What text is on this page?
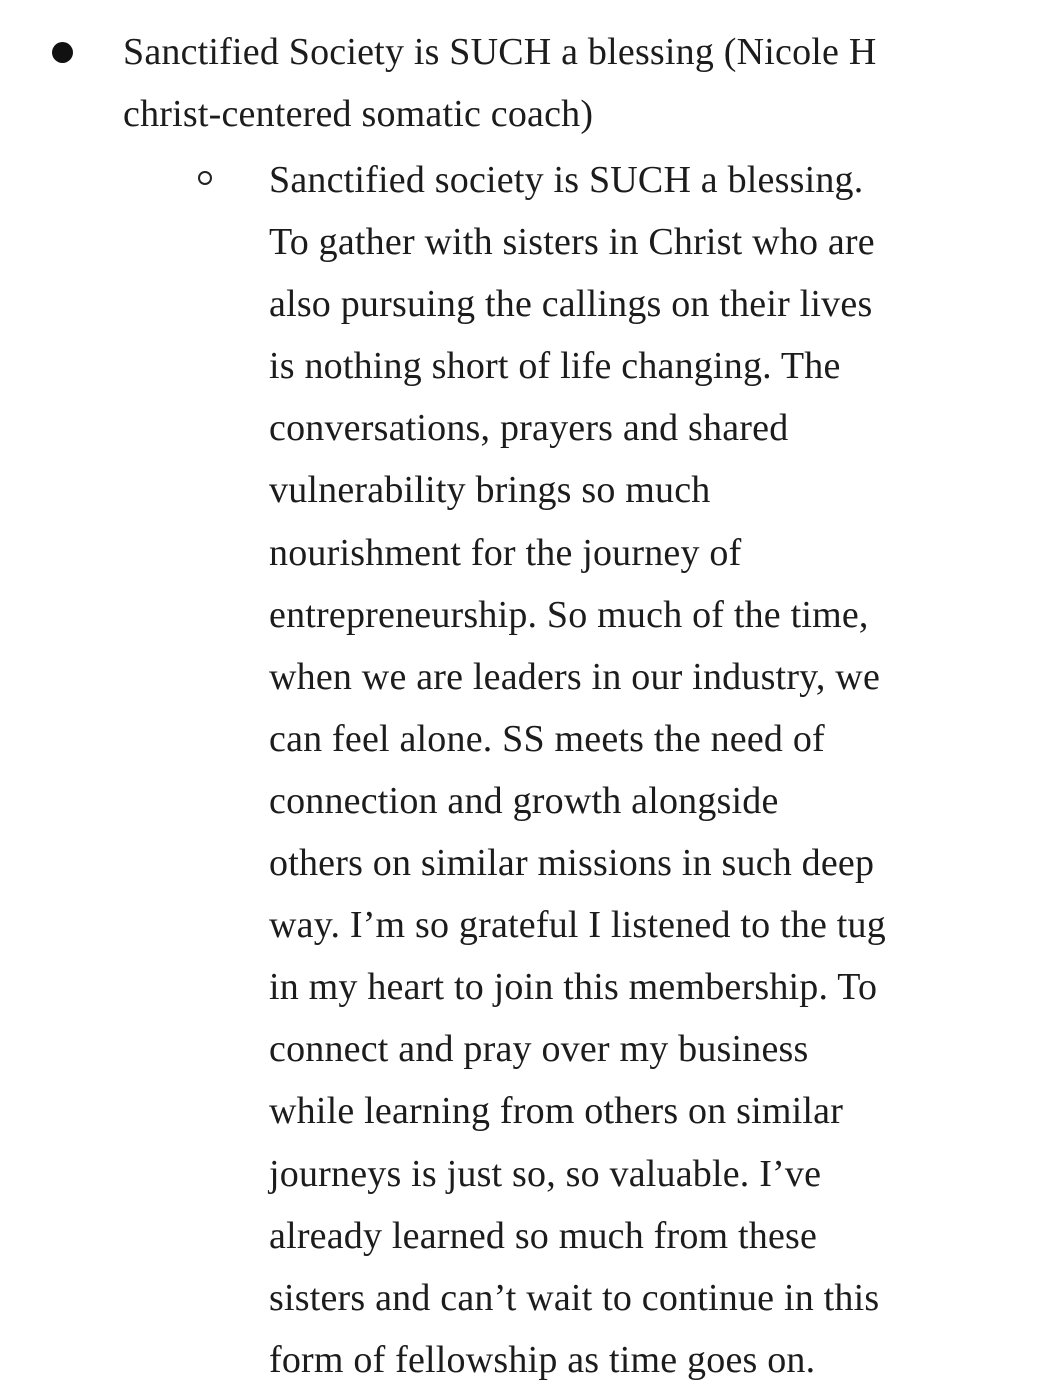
Sanctified Society is SUCH a blessing (Nicole H
christ-centered somatic coach)
Sanctified society is SUCH a blessing.
To gather with sisters in Christ who are
also pursuing the callings on their lives
is nothing short of life changing. The
conversations, prayers and shared
vulnerability brings so much
nourishment for the journey of
entrepreneurship. So much of the time,
when we are leaders in our industry, we
can feel alone. SS meets the need of
connection and growth alongside
others on similar missions in such deep
way. I’m so grateful I listened to the tug
in my heart to join this membership. To
connect and pray over my business
while learning from others on similar
journeys is just so, so valuable. I’ve
already learned so much from these
sisters and can’t wait to continue in this
form of fellowship as time goes on.
